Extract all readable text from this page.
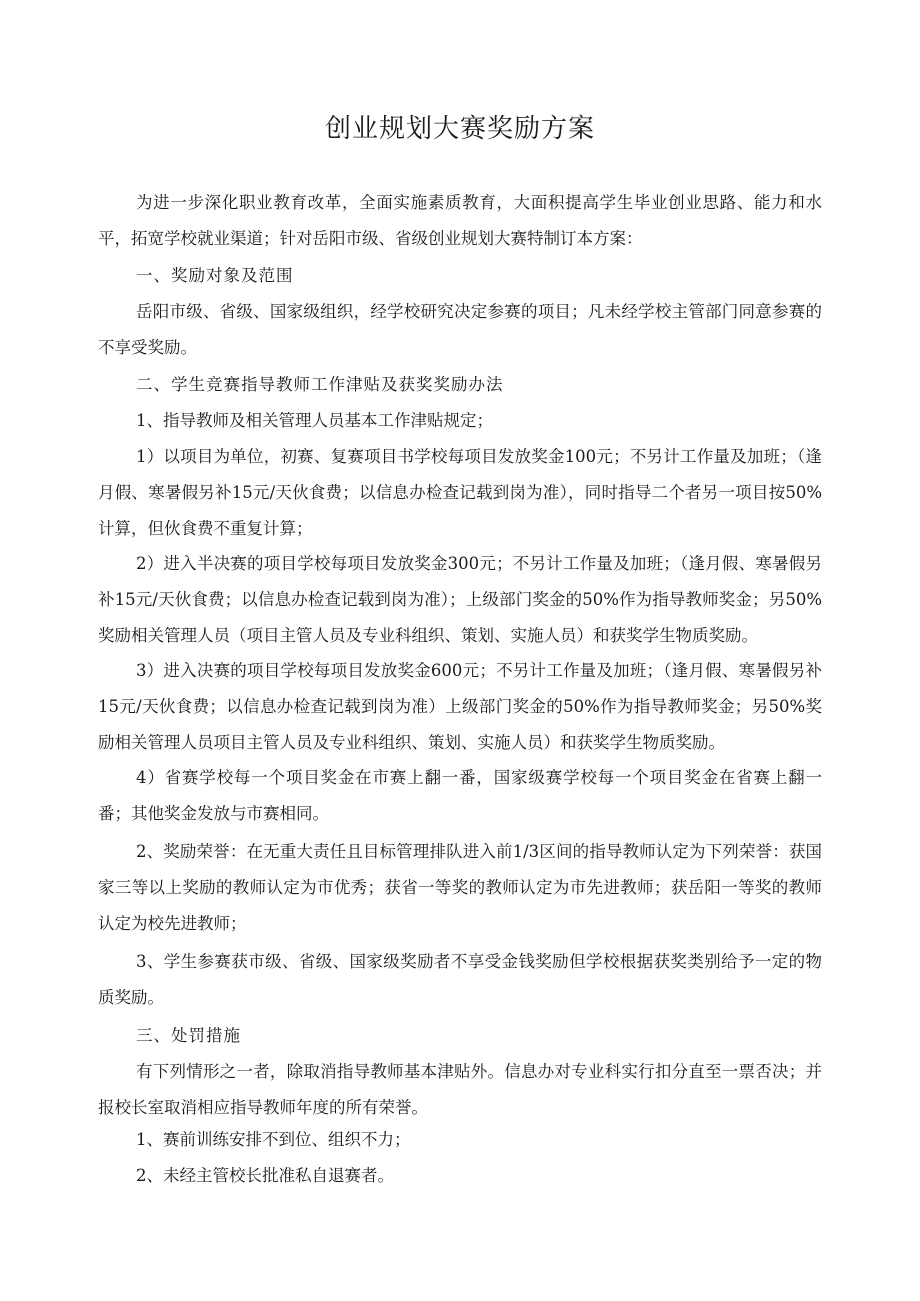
创业规划大赛奖励方案

为进一步深化职业教育改革，全面实施素质教育，大面积提高学生毕业创业思路、能力和水平，拓宽学校就业渠道；针对岳阳市级、省级创业规划大赛特制订本方案：

一、奖励对象及范围

岳阳市级、省级、国家级组织，经学校研究决定参赛的项目；凡未经学校主管部门同意参赛的不享受奖励。

二、学生竞赛指导教师工作津贴及获奖奖励办法

1、指导教师及相关管理人员基本工作津贴规定；

1）以项目为单位，初赛、复赛项目书学校每项目发放奖金100元；不另计工作量及加班；（逢月假、寒暑假另补15元/天伙食费；以信息办检查记载到岗为准），同时指导二个者另一项目按50%计算，但伙食费不重复计算；

2）进入半决赛的项目学校每项目发放奖金300元；不另计工作量及加班；（逢月假、寒暑假另补15元/天伙食费；以信息办检查记载到岗为准）；上级部门奖金的50%作为指导教师奖金；另50%奖励相关管理人员（项目主管人员及专业科组织、策划、实施人员）和获奖学生物质奖励。

3）进入决赛的项目学校每项目发放奖金600元；不另计工作量及加班；（逢月假、寒暑假另补15元/天伙食费；以信息办检查记载到岗为准）上级部门奖金的50%作为指导教师奖金；另50%奖励相关管理人员项目主管人员及专业科组织、策划、实施人员）和获奖学生物质奖励。

4）省赛学校每一个项目奖金在市赛上翻一番，国家级赛学校每一个项目奖金在省赛上翻一番；其他奖金发放与市赛相同。

2、奖励荣誉：在无重大责任且目标管理排队进入前1/3区间的指导教师认定为下列荣誉：获国家三等以上奖励的教师认定为市优秀；获省一等奖的教师认定为市先进教师；获岳阳一等奖的教师认定为校先进教师；

3、学生参赛获市级、省级、国家级奖励者不享受金钱奖励但学校根据获奖类别给予一定的物质奖励。

三、处罚措施

有下列情形之一者，除取消指导教师基本津贴外。信息办对专业科实行扣分直至一票否决；并报校长室取消相应指导教师年度的所有荣誉。

1、赛前训练安排不到位、组织不力；

2、未经主管校长批准私自退赛者。
